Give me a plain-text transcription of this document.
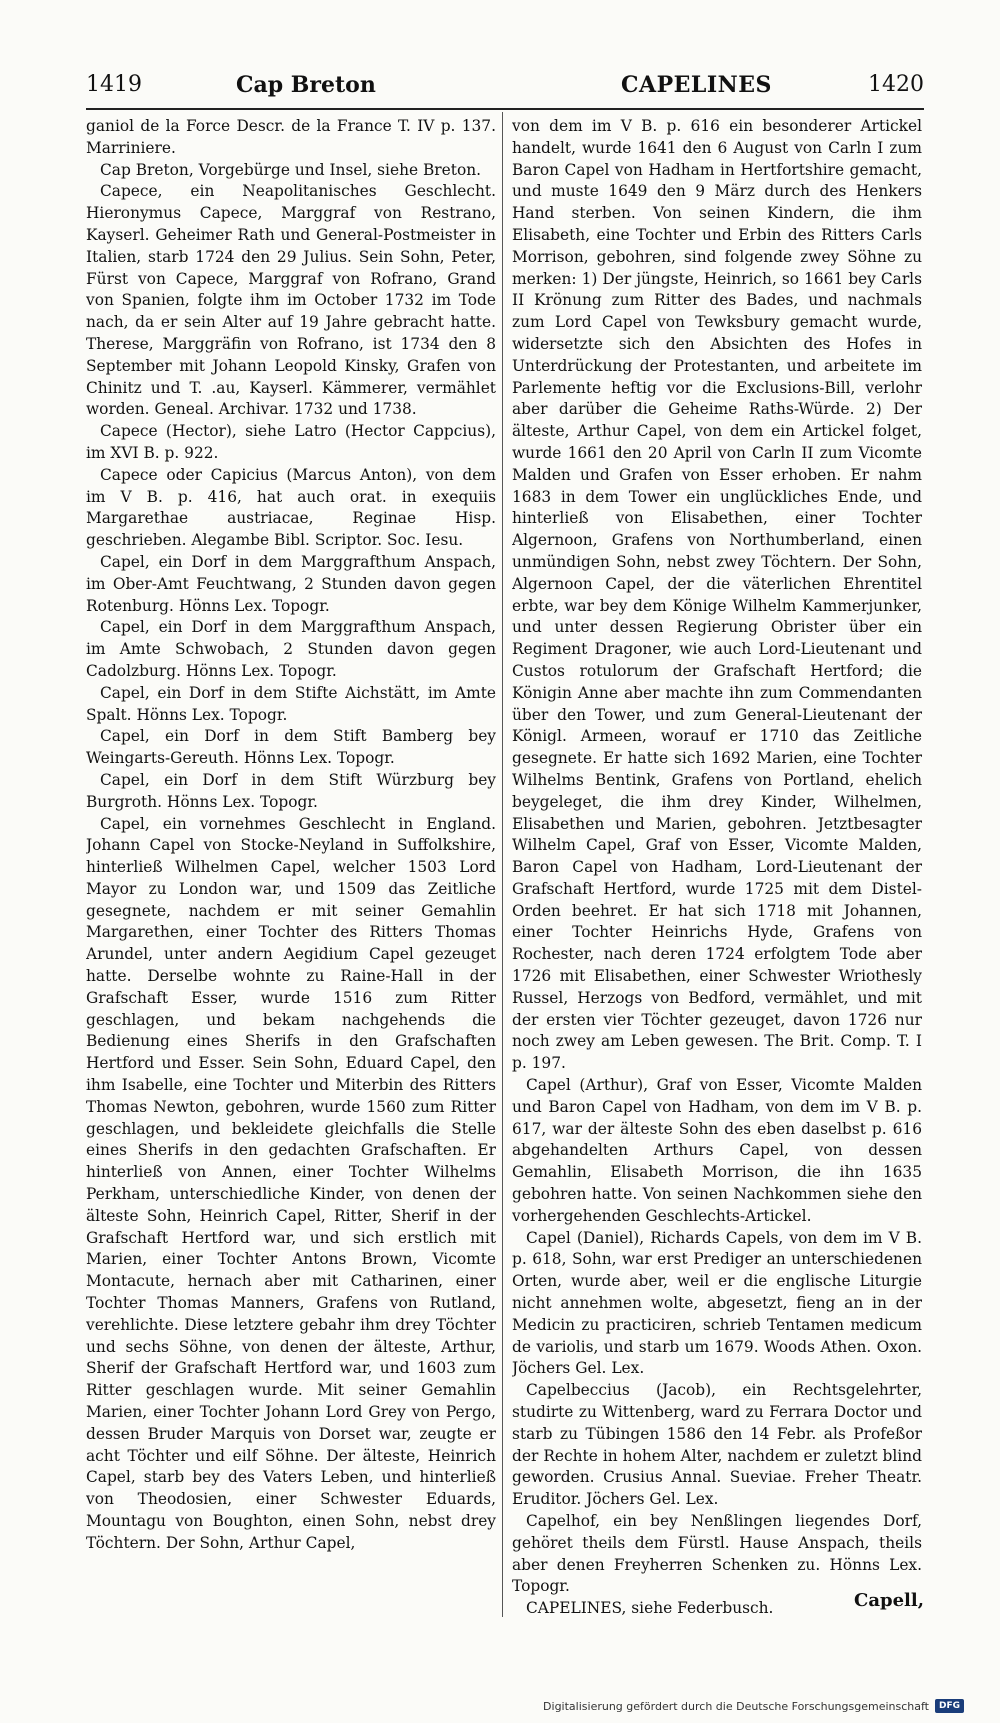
1419	Cap Breton	CAPELINES	1420

ganiol de la Force Descr. de la France T. IV p. 137. Marriniere.

Cap Breton, Vorgebürge und Insel, siehe Breton.

Capece, ein Neapolitanisches Geschlecht. Hieronymus Capece, Marggraf von Restrano, Kayserl. Geheimer Rath und General-Postmeister in Italien, starb 1724 den 29 Julius. Sein Sohn, Peter, Fürst von Capece, Marggraf von Rofrano, Grand von Spanien, folgte ihm im October 1732 im Tode nach, da er sein Alter auf 19 Jahre gebracht hatte. Therese, Marggräfin von Rofrano, ist 1734 den 8 September mit Johann Leopold Kinsky, Grafen von Chinitz und T. .au, Kayserl. Kämmerer, vermählet worden. Geneal. Archivar. 1732 und 1738.

Capece (Hector), siehe Latro (Hector Cappcius), im XVI B. p. 922.

Capece oder Capicius (Marcus Anton), von dem im V B. p. 416, hat auch orat. in exequiis Margarethae austriacae, Reginae Hisp. geschrieben. Alegambe Bibl. Scriptor. Soc. Iesu.

Capel, ein Dorf in dem Marggrafthum Anspach, im Ober-Amt Feuchtwang, 2 Stunden davon gegen Rotenburg. Hönns Lex. Topogr.

Capel, ein Dorf in dem Marggrafthum Anspach, im Amte Schwobach, 2 Stunden davon gegen Cadolzburg. Hönns Lex. Topogr.

Capel, ein Dorf in dem Stifte Aichstätt, im Amte Spalt. Hönns Lex. Topogr.

Capel, ein Dorf in dem Stift Bamberg bey Weingarts-Gereuth. Hönns Lex. Topogr.

Capel, ein Dorf in dem Stift Würzburg bey Burgroth. Hönns Lex. Topogr.

Capel, ein vornehmes Geschlecht in England. Johann Capel von Stocke-Neyland in Suffolkshire, hinterließ Wilhelmen Capel, welcher 1503 Lord Mayor zu London war, und 1509 das Zeitliche gesegnete, nachdem er mit seiner Gemahlin Margarethen, einer Tochter des Ritters Thomas Arundel, unter andern Aegidium Capel gezeuget hatte. Derselbe wohnte zu Raine-Hall in der Grafschaft Esser, wurde 1516 zum Ritter geschlagen, und bekam nachgehends die Bedienung eines Sherifs in den Grafschaften Hertford und Esser. Sein Sohn, Eduard Capel, den ihm Isabelle, eine Tochter und Miterbin des Ritters Thomas Newton, gebohren, wurde 1560 zum Ritter geschlagen, und bekleidete gleichfalls die Stelle eines Sherifs in den gedachten Grafschaften. Er hinterließ von Annen, einer Tochter Wilhelms Perkham, unterschiedliche Kinder, von denen der älteste Sohn, Heinrich Capel, Ritter, Sherif in der Grafschaft Hertford war, und sich erstlich mit Marien, einer Tochter Antons Brown, Vicomte Montacute, hernach aber mit Catharinen, einer Tochter Thomas Manners, Grafens von Rutland, verehlichte. Diese letztere gebahr ihm drey Töchter und sechs Söhne, von denen der älteste, Arthur, Sherif der Grafschaft Hertford war, und 1603 zum Ritter geschlagen wurde. Mit seiner Gemahlin Marien, einer Tochter Johann Lord Grey von Pergo, dessen Bruder Marquis von Dorset war, zeugte er acht Töchter und eilf Söhne. Der älteste, Heinrich Capel, starb bey des Vaters Leben, und hinterließ von Theodosien, einer Schwester Eduards, Mountagu von Boughton, einen Sohn, nebst drey Töchtern. Der Sohn, Arthur Capel,

von dem im V B. p. 616 ein besonderer Artickel handelt, wurde 1641 den 6 August von Carln I zum Baron Capel von Hadham in Hertfortshire gemacht, und muste 1649 den 9 März durch des Henkers Hand sterben. Von seinen Kindern, die ihm Elisabeth, eine Tochter und Erbin des Ritters Carls Morrison, gebohren, sind folgende zwey Söhne zu merken: 1) Der jüngste, Heinrich, so 1661 bey Carls II Krönung zum Ritter des Bades, und nachmals zum Lord Capel von Tewksbury gemacht wurde, widersetzte sich den Absichten des Hofes in Unterdrückung der Protestanten, und arbeitete im Parlemente heftig vor die Exclusions-Bill, verlohr aber darüber die Geheime Raths-Würde. 2) Der älteste, Arthur Capel, von dem ein Artickel folget, wurde 1661 den 20 April von Carln II zum Vicomte Malden und Grafen von Esser erhoben. Er nahm 1683 in dem Tower ein unglückliches Ende, und hinterließ von Elisabethen, einer Tochter Algernoon, Grafens von Northumberland, einen unmündigen Sohn, nebst zwey Töchtern. Der Sohn, Algernoon Capel, der die väterlichen Ehrentitel erbte, war bey dem Könige Wilhelm Kammerjunker, und unter dessen Regierung Obrister über ein Regiment Dragoner, wie auch Lord-Lieutenant und Custos rotulorum der Grafschaft Hertford; die Königin Anne aber machte ihn zum Commendanten über den Tower, und zum General-Lieutenant der Königl. Armeen, worauf er 1710 das Zeitliche gesegnete. Er hatte sich 1692 Marien, eine Tochter Wilhelms Bentink, Grafens von Portland, ehelich beygeleget, die ihm drey Kinder, Wilhelmen, Elisabethen und Marien, gebohren. Jetztbesagter Wilhelm Capel, Graf von Esser, Vicomte Malden, Baron Capel von Hadham, Lord-Lieutenant der Grafschaft Hertford, wurde 1725 mit dem Distel-Orden beehret. Er hat sich 1718 mit Johannen, einer Tochter Heinrichs Hyde, Grafens von Rochester, nach deren 1724 erfolgtem Tode aber 1726 mit Elisabethen, einer Schwester Wriothesly Russel, Herzogs von Bedford, vermählet, und mit der ersten vier Töchter gezeuget, davon 1726 nur noch zwey am Leben gewesen. The Brit. Comp. T. I p. 197.

Capel (Arthur), Graf von Esser, Vicomte Malden und Baron Capel von Hadham, von dem im V B. p. 617, war der älteste Sohn des eben daselbst p. 616 abgehandelten Arthurs Capel, von dessen Gemahlin, Elisabeth Morrison, die ihn 1635 gebohren hatte. Von seinen Nachkommen siehe den vorhergehenden Geschlechts-Artickel.

Capel (Daniel), Richards Capels, von dem im V B. p. 618, Sohn, war erst Prediger an unterschiedenen Orten, wurde aber, weil er die englische Liturgie nicht annehmen wolte, abgesetzt, fieng an in der Medicin zu practiciren, schrieb Tentamen medicum de variolis, und starb um 1679. Woods Athen. Oxon. Jöchers Gel. Lex.

Capelbeccius (Jacob), ein Rechtsgelehrter, studirte zu Wittenberg, ward zu Ferrara Doctor und starb zu Tübingen 1586 den 14 Febr. als Profeßor der Rechte in hohem Alter, nachdem er zuletzt blind geworden. Crusius Annal. Sueviae. Freher Theatr. Eruditor. Jöchers Gel. Lex.

Capelhof, ein bey Nenßlingen liegendes Dorf, gehöret theils dem Fürstl. Hause Anspach, theils aber denen Freyherren Schenken zu. Hönns Lex. Topogr.

CAPELINES, siehe Federbusch.	Capell,
Digitalisierung gefördert durch die Deutsche Forschungsgemeinschaft	DFG
